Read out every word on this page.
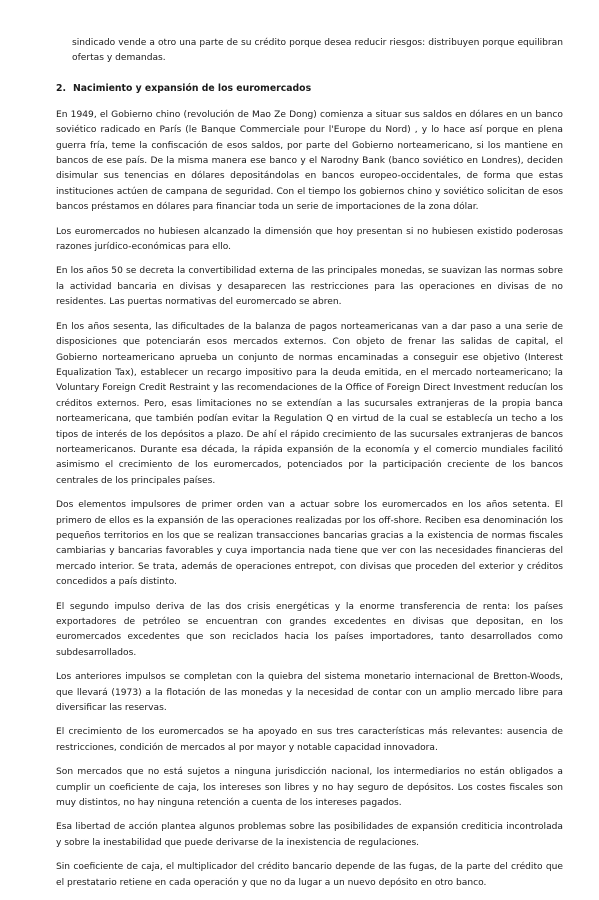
sindicado vende a otro una parte de su crédito porque desea reducir riesgos: distribuyen porque equilibran ofertas y demandas.

2. Nacimiento y expansión de los euromercados

En 1949, el Gobierno chino (revolución de Mao Ze Dong) comienza a situar sus saldos en dólares en un banco soviético radicado en París (le Banque Commerciale pour l'Europe du Nord) , y lo hace así porque en plena guerra fría, teme la confiscación de esos saldos, por parte del Gobierno norteamericano, si los mantiene en bancos de ese país. De la misma manera ese banco y el Narodny Bank (banco soviético en Londres), deciden disimular sus tenencias en dólares depositándolas en bancos europeo-occidentales, de forma que estas instituciones actúen de campana de seguridad. Con el tiempo los gobiernos chino y soviético solicitan de esos bancos préstamos en dólares para financiar toda un serie de importaciones de la zona dólar.

Los euromercados no hubiesen alcanzado la dimensión que hoy presentan si no hubiesen existido poderosas razones jurídico-económicas para ello.

En los años 50 se decreta la convertibilidad externa de las principales monedas, se suavizan las normas sobre la actividad bancaria en divisas y desaparecen las restricciones para las operaciones en divisas de no residentes. Las puertas normativas del euromercado se abren.

En los años sesenta, las dificultades de la balanza de pagos norteamericanas van a dar paso a una serie de disposiciones que potenciarán esos mercados externos. Con objeto de frenar las salidas de capital, el Gobierno norteamericano aprueba un conjunto de normas encaminadas a conseguir ese objetivo (Interest Equalization Tax), establecer un recargo impositivo para la deuda emitida, en el mercado norteamericano; la Voluntary Foreign Credit Restraint y las recomendaciones de la Office of Foreign Direct Investment reducían los créditos externos. Pero, esas limitaciones no se extendían a las sucursales extranjeras de la propia banca norteamericana, que también podían evitar la Regulation Q en virtud de la cual se establecía un techo a los tipos de interés de los depósitos a plazo. De ahí el rápido crecimiento de las sucursales extranjeras de bancos norteamericanos. Durante esa década, la rápida expansión de la economía y el comercio mundiales facilitó asimismo el crecimiento de los euromercados, potenciados por la participación creciente de los bancos centrales de los principales países.

Dos elementos impulsores de primer orden van a actuar sobre los euromercados en los años setenta. El primero de ellos es la expansión de las operaciones realizadas por los off-shore. Reciben esa denominación los pequeños territorios en los que se realizan transacciones bancarias gracias a la existencia de normas fiscales cambiarias y bancarias favorables y cuya importancia nada tiene que ver con las necesidades financieras del mercado interior. Se trata, además de operaciones entrepot, con divisas que proceden del exterior y créditos concedidos a país distinto.

El segundo impulso deriva de las dos crisis energéticas y la enorme transferencia de renta: los países exportadores de petróleo se encuentran con grandes excedentes en divisas que depositan, en los euromercados excedentes que son reciclados hacia los países importadores, tanto desarrollados como subdesarrollados.

Los anteriores impulsos se completan con la quiebra del sistema monetario internacional de Bretton-Woods, que llevará (1973) a la flotación de las monedas y la necesidad de contar con un amplio mercado libre para diversificar las reservas.

El crecimiento de los euromercados se ha apoyado en sus tres características más relevantes: ausencia de restricciones, condición de mercados al por mayor y notable capacidad innovadora.

Son mercados que no está sujetos a ninguna jurisdicción nacional, los intermediarios no están obligados a cumplir un coeficiente de caja, los intereses son libres y no hay seguro de depósitos. Los costes fiscales son muy distintos, no hay ninguna retención a cuenta de los intereses pagados.

Esa libertad de acción plantea algunos problemas sobre las posibilidades de expansión crediticia incontrolada y sobre la inestabilidad que puede derivarse de la inexistencia de regulaciones.

Sin coeficiente de caja, el multiplicador del crédito bancario depende de las fugas, de la parte del crédito que el prestatario retiene en cada operación y que no da lugar a un nuevo depósito en otro banco.
